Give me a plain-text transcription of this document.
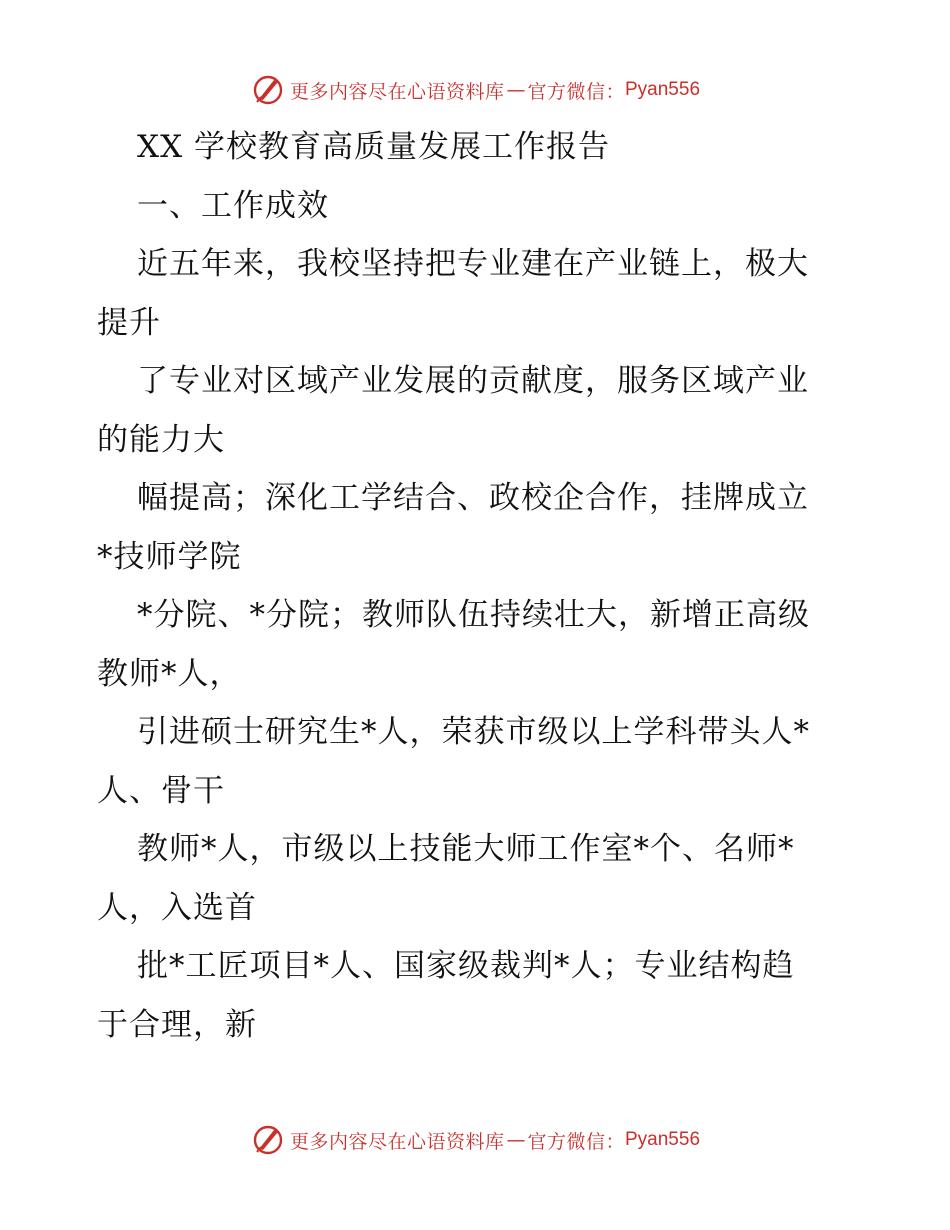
更多内容尽在心语资料库 — 官方微信： Pyan556
XX 学校教育高质量发展工作报告
一、工作成效
近五年来，我校坚持把专业建在产业链上，极大
提升
了专业对区域产业发展的贡献度，服务区域产业
的能力大
幅提高；深化工学结合、政校企合作，挂牌成立
*技师学院
*分院、*分院；教师队伍持续壮大，新增正高级
教师*人，
引进硕士研究生*人，荣获市级以上学科带头人*
人、骨干
教师*人，市级以上技能大师工作室*个、名师*
人，入选首
批*工匠项目*人、国家级裁判*人；专业结构趋
于合理，新
更多内容尽在心语资料库 — 官方微信： Pyan556
